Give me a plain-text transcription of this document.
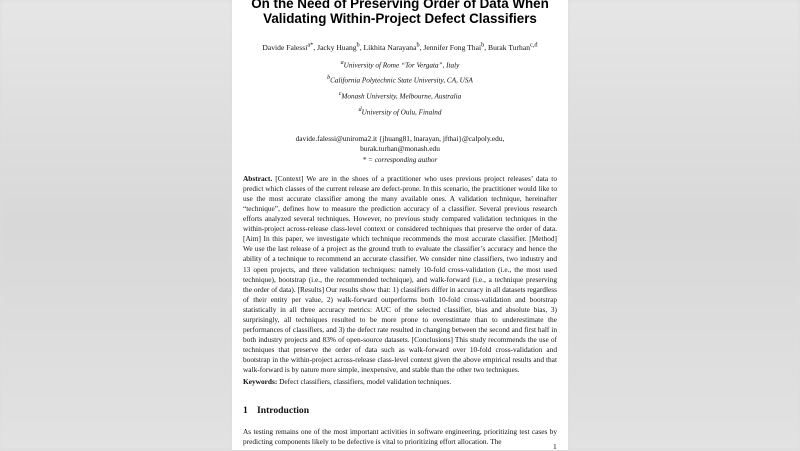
On the Need of Preserving Order of Data When
Validating Within-Project Defect Classifiers
Davide Falessi$^{a*}$, Jacky Huang$^b$, Likhita Narayana$^b$, Jennifer Fong Thai$^b$, Burak Turhan$^{c,d}$
$^a$University of Rome “Tor Vergata”, Italy
$^b$California Polytechnic State University, CA, USA
$^c$Monash University, Melbourne, Australia
$^d$University of Oulu, Finalnd
davide.falessi@uniroma2.it {jhuang81, lnarayan, jfthai}@calpoly.edu,
burak.turhan@monash.edu
* = corresponding author
Abstract. [Context] We are in the shoes of a practitioner who uses previous project releases’ data to predict which classes of the current release are defect-prone. In this scenario, the practitioner would like to use the most accurate classifier among the many available ones. A validation technique, hereinafter “technique”, defines how to measure the prediction accuracy of a classifier. Several previous research efforts analyzed several techniques. However, no previous study compared validation techniques in the within-project across-release class-level context or considered techniques that preserve the order of data. [Aim] In this paper, we investigate which technique recommends the most accurate classifier. [Method] We use the last release of a project as the ground truth to evaluate the classifier’s accuracy and hence the ability of a technique to recommend an accurate classifier. We consider nine classifiers, two industry and 13 open projects, and three validation techniques: namely 10-fold cross-validation (i.e., the most used technique), bootstrap (i.e., the recommended technique), and walk-forward (i.e., a technique preserving the order of data). [Results] Our results show that: 1) classifiers differ in accuracy in all datasets regardless of their entity per value, 2) walk-forward outperforms both 10-fold cross-validation and bootstrap statistically in all three accuracy metrics: AUC of the selected classifier, bias and absolute bias, 3) surprisingly, all techniques resulted to be more prone to overestimate than to underestimate the performances of classifiers, and 3) the defect rate resulted in changing between the second and first half in both industry projects and 83% of open-source datasets. [Conclusions] This study recommends the use of techniques that preserve the order of data such as walk-forward over 10-fold cross-validation and bootstrap in the within-project across-release class-level context given the above empirical results and that walk-forward is by nature more simple, inexpensive, and stable than the other two techniques.
Keywords: Defect classifiers, classifiers, model validation techniques.
1 Introduction
As testing remains one of the most important activities in software engineering, prioritizing test cases by predicting components likely to be defective is vital to prioritizing effort allocation. The
1
